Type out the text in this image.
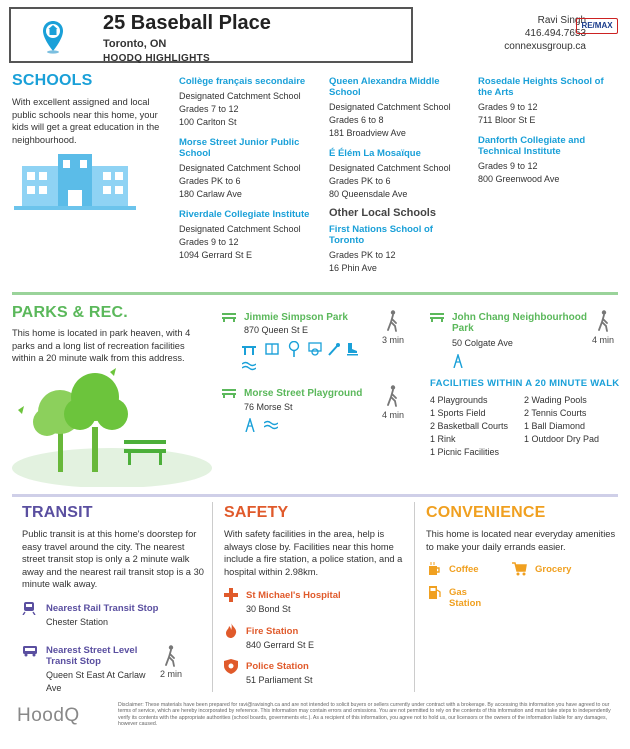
25 Baseball Place
Toronto, ON
HOODQ HIGHLIGHTS
Ravi Singh
416.494.7653
connexusgroup.ca
RE/MAX
SCHOOLS
With excellent assigned and local public schools near this home, your kids will get a great education in the neighbourhood.
Collège français secondaire
Designated Catchment School
Grades 7 to 12
100 Carlton St
Morse Street Junior Public School
Designated Catchment School
Grades PK to 6
180 Carlaw Ave
Riverdale Collegiate Institute
Designated Catchment School
Grades 9 to 12
1094 Gerrard St E
Queen Alexandra Middle School
Designated Catchment School
Grades 6 to 8
181 Broadview Ave
É Élém La Mosaïque
Designated Catchment School
Grades PK to 6
80 Queensdale Ave
Other Local Schools
First Nations School of Toronto
Grades PK to 12
16 Phin Ave
Rosedale Heights School of the Arts
Grades 9 to 12
711 Bloor St E
Danforth Collegiate and Technical Institute
Grades 9 to 12
800 Greenwood Ave
PARKS & REC.
This home is located in park heaven, with 4 parks and a long list of recreation facilities within a 20 minute walk from this address.
Jimmie Simpson Park
870 Queen St E
3 min
Morse Street Playground
76 Morse St
4 min
John Chang Neighbourhood Park
50 Colgate Ave	4 min
FACILITIES WITHIN A 20 MINUTE WALK
4 Playgrounds
1 Sports Field
2 Basketball Courts
1 Rink
1 Picnic Facilities
2 Wading Pools
2 Tennis Courts
1 Ball Diamond
1 Outdoor Dry Pad
TRANSIT
Public transit is at this home's doorstep for easy travel around the city. The nearest street transit stop is only a 2 minute walk away and the nearest rail transit stop is a 30 minute walk away.
Nearest Rail Transit Stop
Chester Station
Nearest Street Level Transit Stop
Queen St East At Carlaw Ave
2 min
SAFETY
With safety facilities in the area, help is always close by. Facilities near this home include a fire station, a police station, and a hospital within 2.98km.
St Michael's Hospital
30 Bond St
Fire Station
840 Gerrard St E
Police Station
51 Parliament St
CONVENIENCE
This home is located near everyday amenities to make your daily errands easier.
Coffee	Grocery
Gas Station
HoodQ	Disclaimer: These materials have been prepared for ravi@ravisingh.ca and are not intended to solicit buyers or sellers currently under contract with a brokerage. By accessing this information you have agreed to our terms of service, which are hereby incorporated by reference. This information may contain errors and omissions. You are not permitted to rely on the contents of this information and must take steps to independently verify its contents with the appropriate authorities (school boards, governments etc.). As a recipient of this information, you agree not to hold us, our licensors or the owners of the information liable for any damages, however caused.
